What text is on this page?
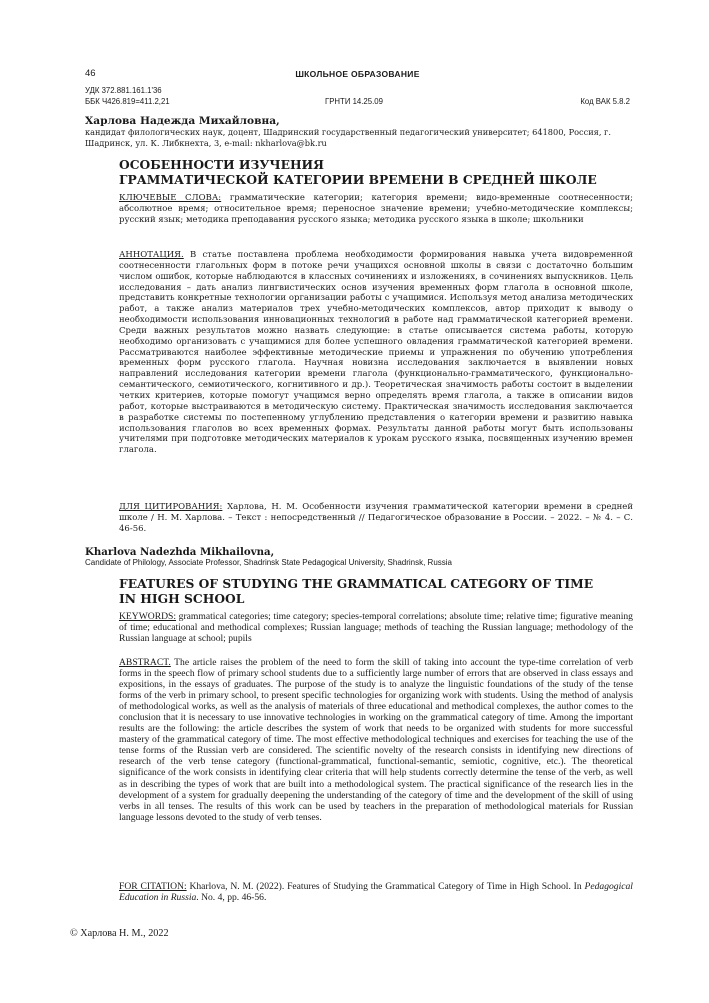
46	ШКОЛЬНОЕ ОБРАЗОВАНИЕ
УДК 372.881.161.1'36
ББК Ч426.819=411.2,21	ГРНТИ 14.25.09	Код ВАК 5.8.2
Харлова Надежда Михайловна,
кандидат филологических наук, доцент, Шадринский государственный педагогический университет; 641800, Россия, г. Шадринск, ул. К. Либкнехта, 3, e-mail: nkharlova@bk.ru
ОСОБЕННОСТИ ИЗУЧЕНИЯ
ГРАММАТИЧЕСКОЙ КАТЕГОРИИ ВРЕМЕНИ В СРЕДНЕЙ ШКОЛЕ
КЛЮЧЕВЫЕ СЛОВА: грамматические категории; категория времени; видо-временные соотнесенности; абсолютное время; относительное время; переносное значение времени; учебно-методические комплексы; русский язык; методика преподавания русского языка; методика русского языка в школе; школьники
АННОТАЦИЯ. В статье поставлена проблема необходимости формирования навыка учета видовременной соотнесенности глагольных форм в потоке речи учащихся основной школы в связи с достаточно большим числом ошибок, которые наблюдаются в классных сочинениях и изложениях, в сочинениях выпускников. Цель исследования – дать анализ лингвистических основ изучения временных форм глагола в основной школе, представить конкретные технологии организации работы с учащимися. Используя метод анализа методических работ, а также анализ материалов трех учебно-методических комплексов, автор приходит к выводу о необходимости использования инновационных технологий в работе над грамматической категорией времени. Среди важных результатов можно назвать следующие: в статье описывается система работы, которую необходимо организовать с учащимися для более успешного овладения грамматической категорией времени. Рассматриваются наиболее эффективные методические приемы и упражнения по обучению употребления временных форм русского глагола. Научная новизна исследования заключается в выявлении новых направлений исследования категории времени глагола (функционально-грамматического, функционально-семантического, семиотического, когнитивного и др.). Теоретическая значимость работы состоит в выделении четких критериев, которые помогут учащимся верно определять время глагола, а также в описании видов работ, которые выстраиваются в методическую систему. Практическая значимость исследования заключается в разработке системы по постепенному углублению представления о категории времени и развитию навыка использования глаголов во всех временных формах. Результаты данной работы могут быть использованы учителями при подготовке методических материалов к урокам русского языка, посвященных изучению времен глагола.
ДЛЯ ЦИТИРОВАНИЯ: Харлова, Н. М. Особенности изучения грамматической категории времени в средней школе / Н. М. Харлова. – Текст : непосредственный // Педагогическое образование в России. – 2022. – № 4. – С. 46-56.
Kharlova Nadezhda Mikhailovna,
Candidate of Philology, Associate Professor, Shadrinsk State Pedagogical University, Shadrinsk, Russia
FEATURES OF STUDYING THE GRAMMATICAL CATEGORY OF TIME
IN HIGH SCHOOL
KEYWORDS: grammatical categories; time category; species-temporal correlations; absolute time; relative time; figurative meaning of time; educational and methodical complexes; Russian language; methods of teaching the Russian language; methodology of the Russian language at school; pupils
ABSTRACT. The article raises the problem of the need to form the skill of taking into account the type-time correlation of verb forms in the speech flow of primary school students due to a sufficiently large number of errors that are observed in class essays and expositions, in the essays of graduates. The purpose of the study is to analyze the linguistic foundations of the study of the tense forms of the verb in primary school, to present specific technologies for organizing work with students. Using the method of analysis of methodological works, as well as the analysis of materials of three educational and methodical complexes, the author comes to the conclusion that it is necessary to use innovative technologies in working on the grammatical category of time. Among the important results are the following: the article describes the system of work that needs to be organized with students for more successful mastery of the grammatical category of time. The most effective methodological techniques and exercises for teaching the use of the tense forms of the Russian verb are considered. The scientific novelty of the research consists in identifying new directions of research of the verb tense category (functional-grammatical, functional-semantic, semiotic, cognitive, etc.). The theoretical significance of the work consists in identifying clear criteria that will help students correctly determine the tense of the verb, as well as in describing the types of work that are built into a methodological system. The practical significance of the research lies in the development of a system for gradually deepening the understanding of the category of time and the development of the skill of using verbs in all tenses. The results of this work can be used by teachers in the preparation of methodological materials for Russian language lessons devoted to the study of verb tenses.
FOR CITATION: Kharlova, N. M. (2022). Features of Studying the Grammatical Category of Time in High School. In Pedagogical Education in Russia. No. 4, pp. 46-56.
© Харлова Н. М., 2022
